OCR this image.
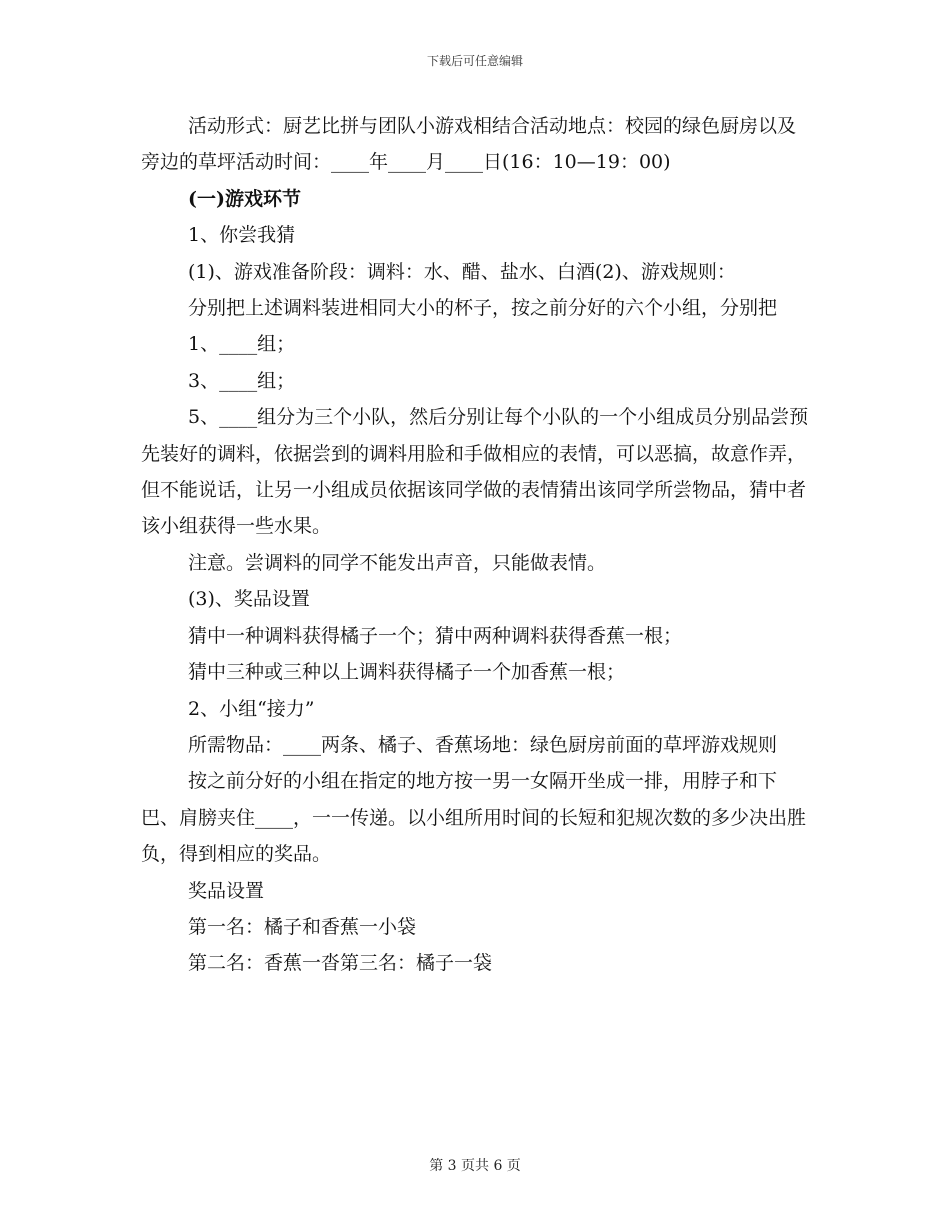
下载后可任意编辑

活动形式：厨艺比拼与团队小游戏相结合活动地点：校园的绿色厨房以及旁边的草坪活动时间：____年____月____日(16：10—19：00)

(一)游戏环节

1、你尝我猜

(1)、游戏准备阶段：调料：水、醋、盐水、白酒(2)、游戏规则：

分别把上述调料装进相同大小的杯子，按之前分好的六个小组，分别把

1、____组；

3、____组；

5、____组分为三个小队，然后分别让每个小队的一个小组成员分别品尝预先装好的调料，依据尝到的调料用脸和手做相应的表情，可以恶搞，故意作弄，但不能说话，让另一小组成员依据该同学做的表情猜出该同学所尝物品，猜中者该小组获得一些水果。

注意。尝调料的同学不能发出声音，只能做表情。

(3)、奖品设置

猜中一种调料获得橘子一个；猜中两种调料获得香蕉一根；

猜中三种或三种以上调料获得橘子一个加香蕉一根；

2、小组“接力”

所需物品：____两条、橘子、香蕉场地：绿色厨房前面的草坪游戏规则

按之前分好的小组在指定的地方按一男一女隔开坐成一排，用脖子和下巴、肩膀夹住____，一一传递。以小组所用时间的长短和犯规次数的多少决出胜负，得到相应的奖品。

奖品设置

第一名：橘子和香蕉一小袋

第二名：香蕉一沓第三名：橘子一袋

第 3 页共 6 页
